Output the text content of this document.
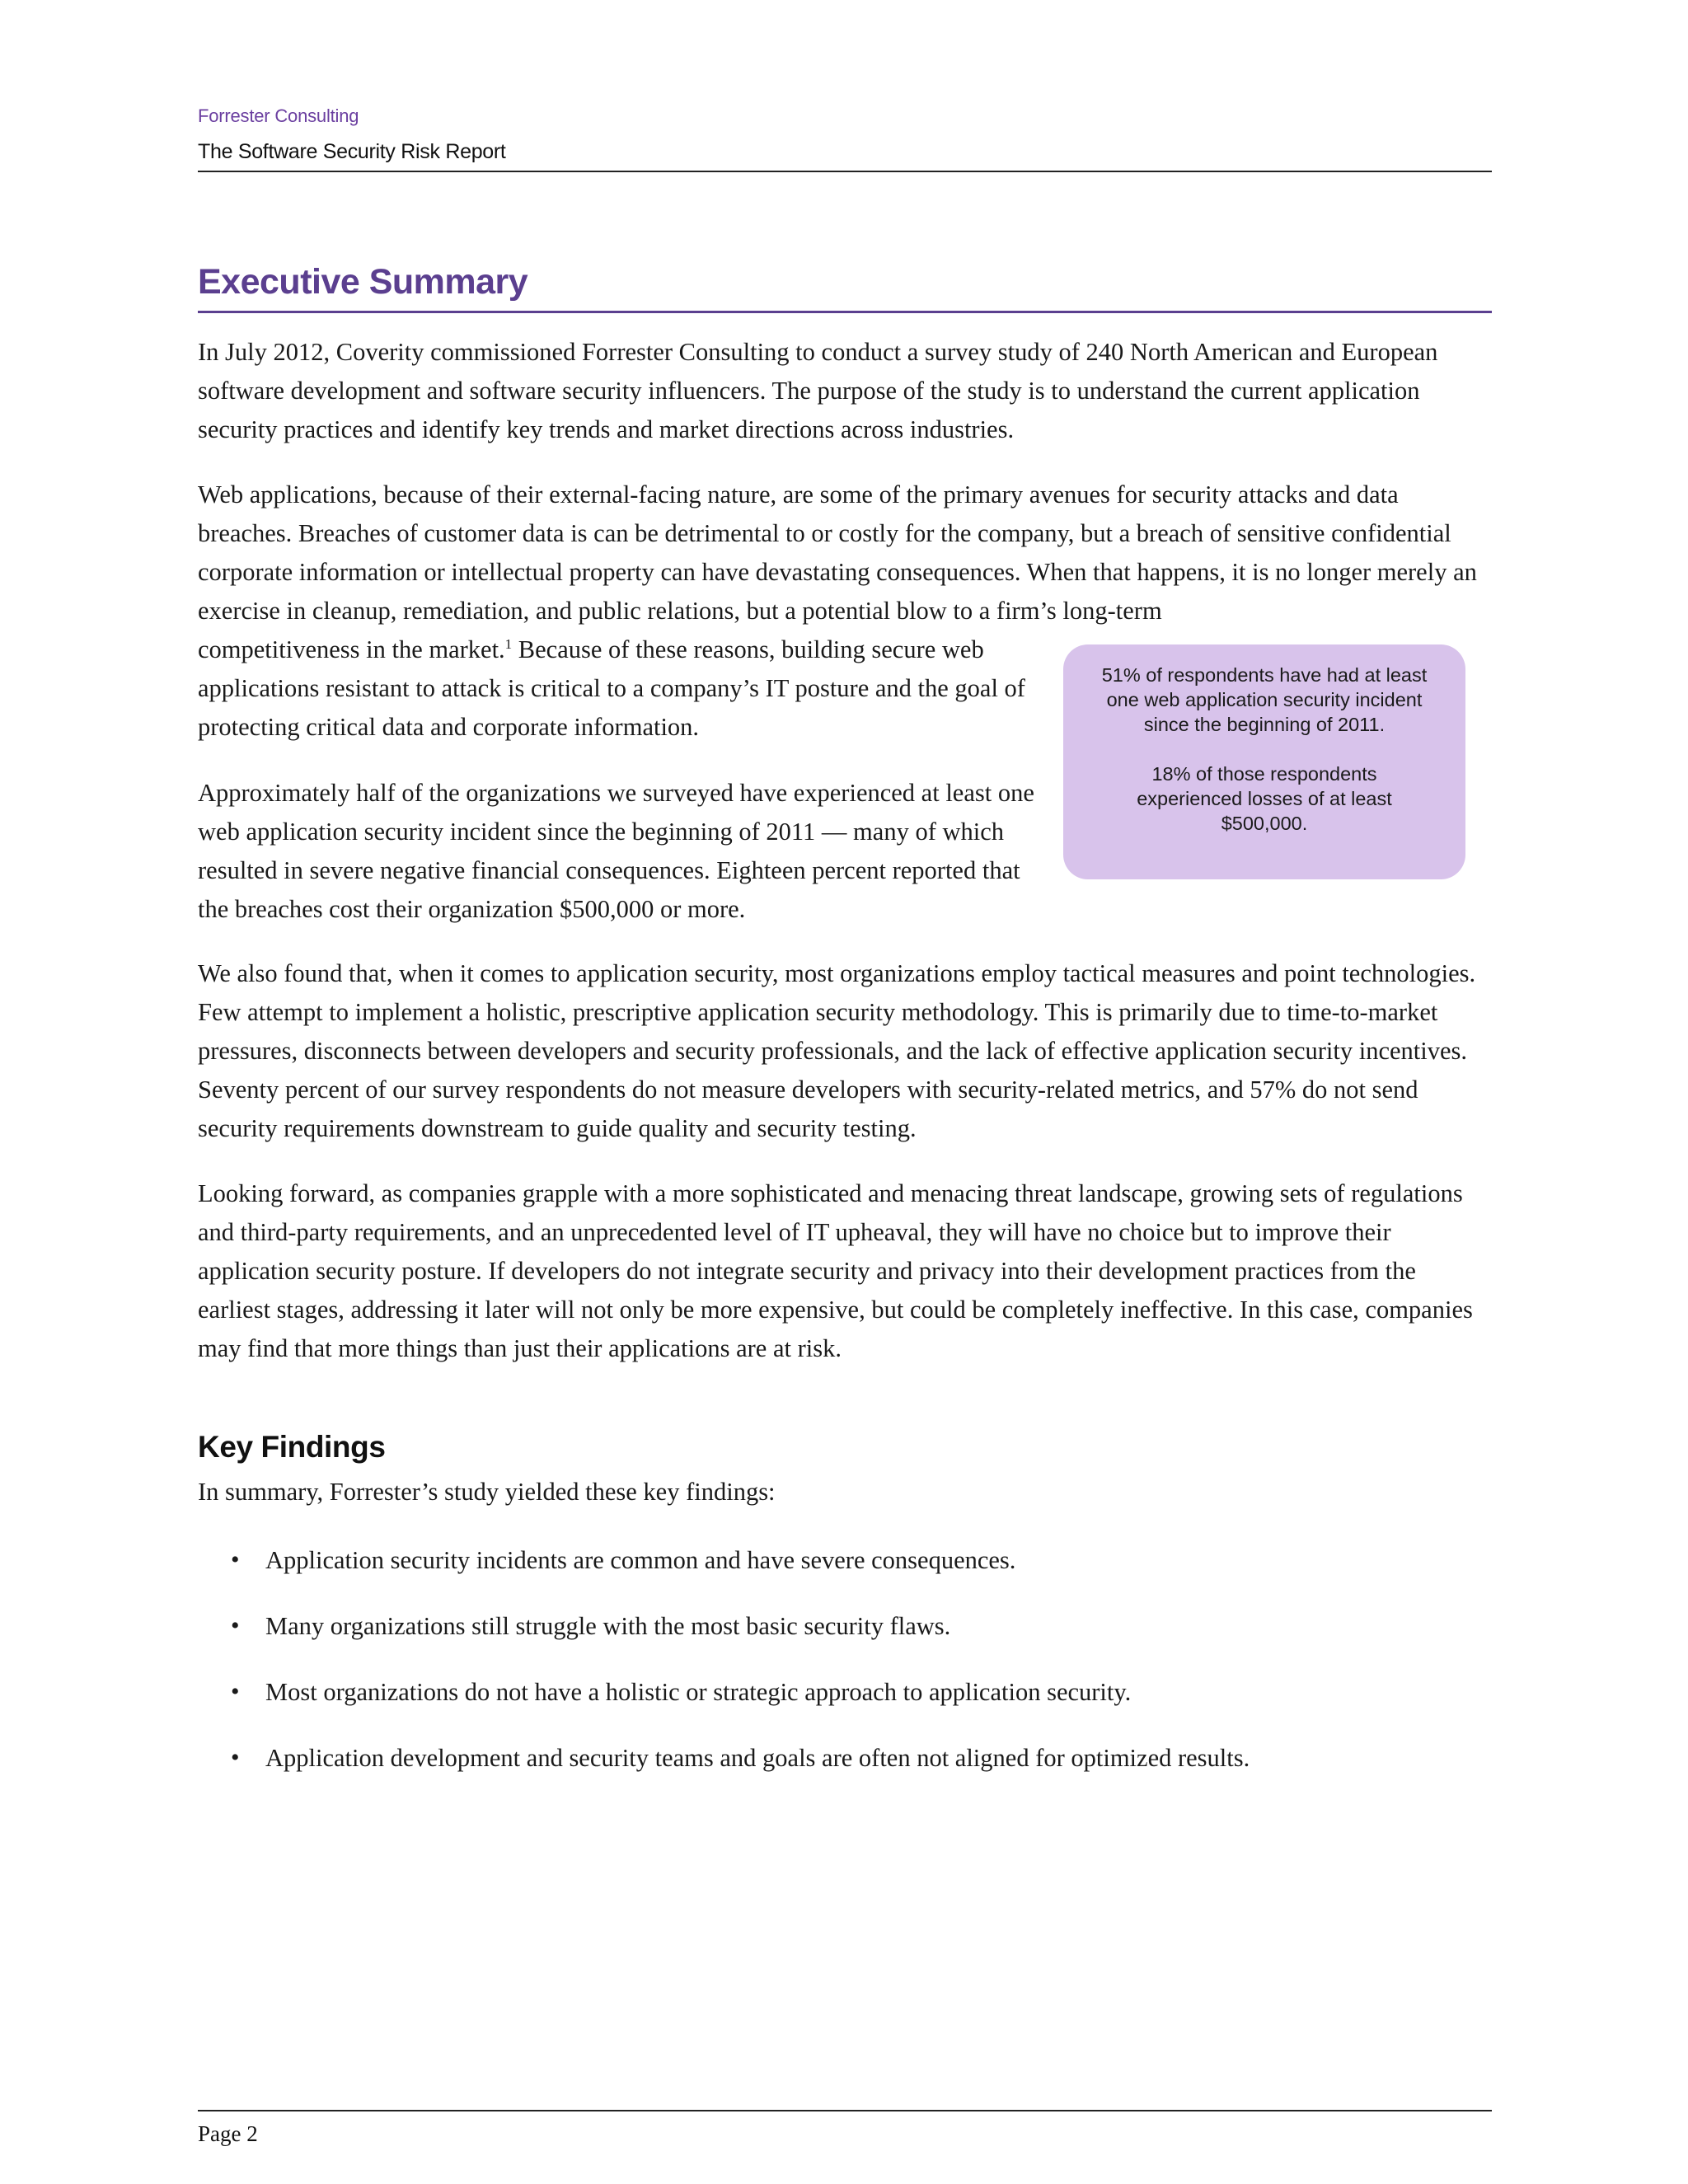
Forrester Consulting
The Software Security Risk Report
Executive Summary

In July 2012, Coverity commissioned Forrester Consulting to conduct a survey study of 240 North American and European software development and software security influencers. The purpose of the study is to understand the current application security practices and identify key trends and market directions across industries.

Web applications, because of their external-facing nature, are some of the primary avenues for security attacks and data breaches. Breaches of customer data is can be detrimental to or costly for the company, but a breach of sensitive confidential corporate information or intellectual property can have devastating consequences. When that happens, it is no longer merely an exercise in cleanup, remediation, and public relations, but a potential blow to a firm’s long-term

competitiveness in the market.$^1$ Because of these reasons, building secure web applications resistant to attack is critical to a company’s IT posture and the goal of protecting critical data and corporate information.

51% of respondents have had at least one web application security incident since the beginning of 2011.

18% of those respondents experienced losses of at least $500,000.

Approximately half of the organizations we surveyed have experienced at least one web application security incident since the beginning of 2011 — many of which resulted in severe negative financial consequences. Eighteen percent reported that the breaches cost their organization $500,000 or more.

We also found that, when it comes to application security, most organizations employ tactical measures and point technologies. Few attempt to implement a holistic, prescriptive application security methodology. This is primarily due to time-to-market pressures, disconnects between developers and security professionals, and the lack of effective application security incentives. Seventy percent of our survey respondents do not measure developers with security-related metrics, and 57% do not send security requirements downstream to guide quality and security testing.

Looking forward, as companies grapple with a more sophisticated and menacing threat landscape, growing sets of regulations and third-party requirements, and an unprecedented level of IT upheaval, they will have no choice but to improve their application security posture. If developers do not integrate security and privacy into their development practices from the earliest stages, addressing it later will not only be more expensive, but could be completely ineffective. In this case, companies may find that more things than just their applications are at risk.

Key Findings

In summary, Forrester’s study yielded these key findings:

• Application security incidents are common and have severe consequences.
• Many organizations still struggle with the most basic security flaws.
• Most organizations do not have a holistic or strategic approach to application security.
• Application development and security teams and goals are often not aligned for optimized results.
Page 2
